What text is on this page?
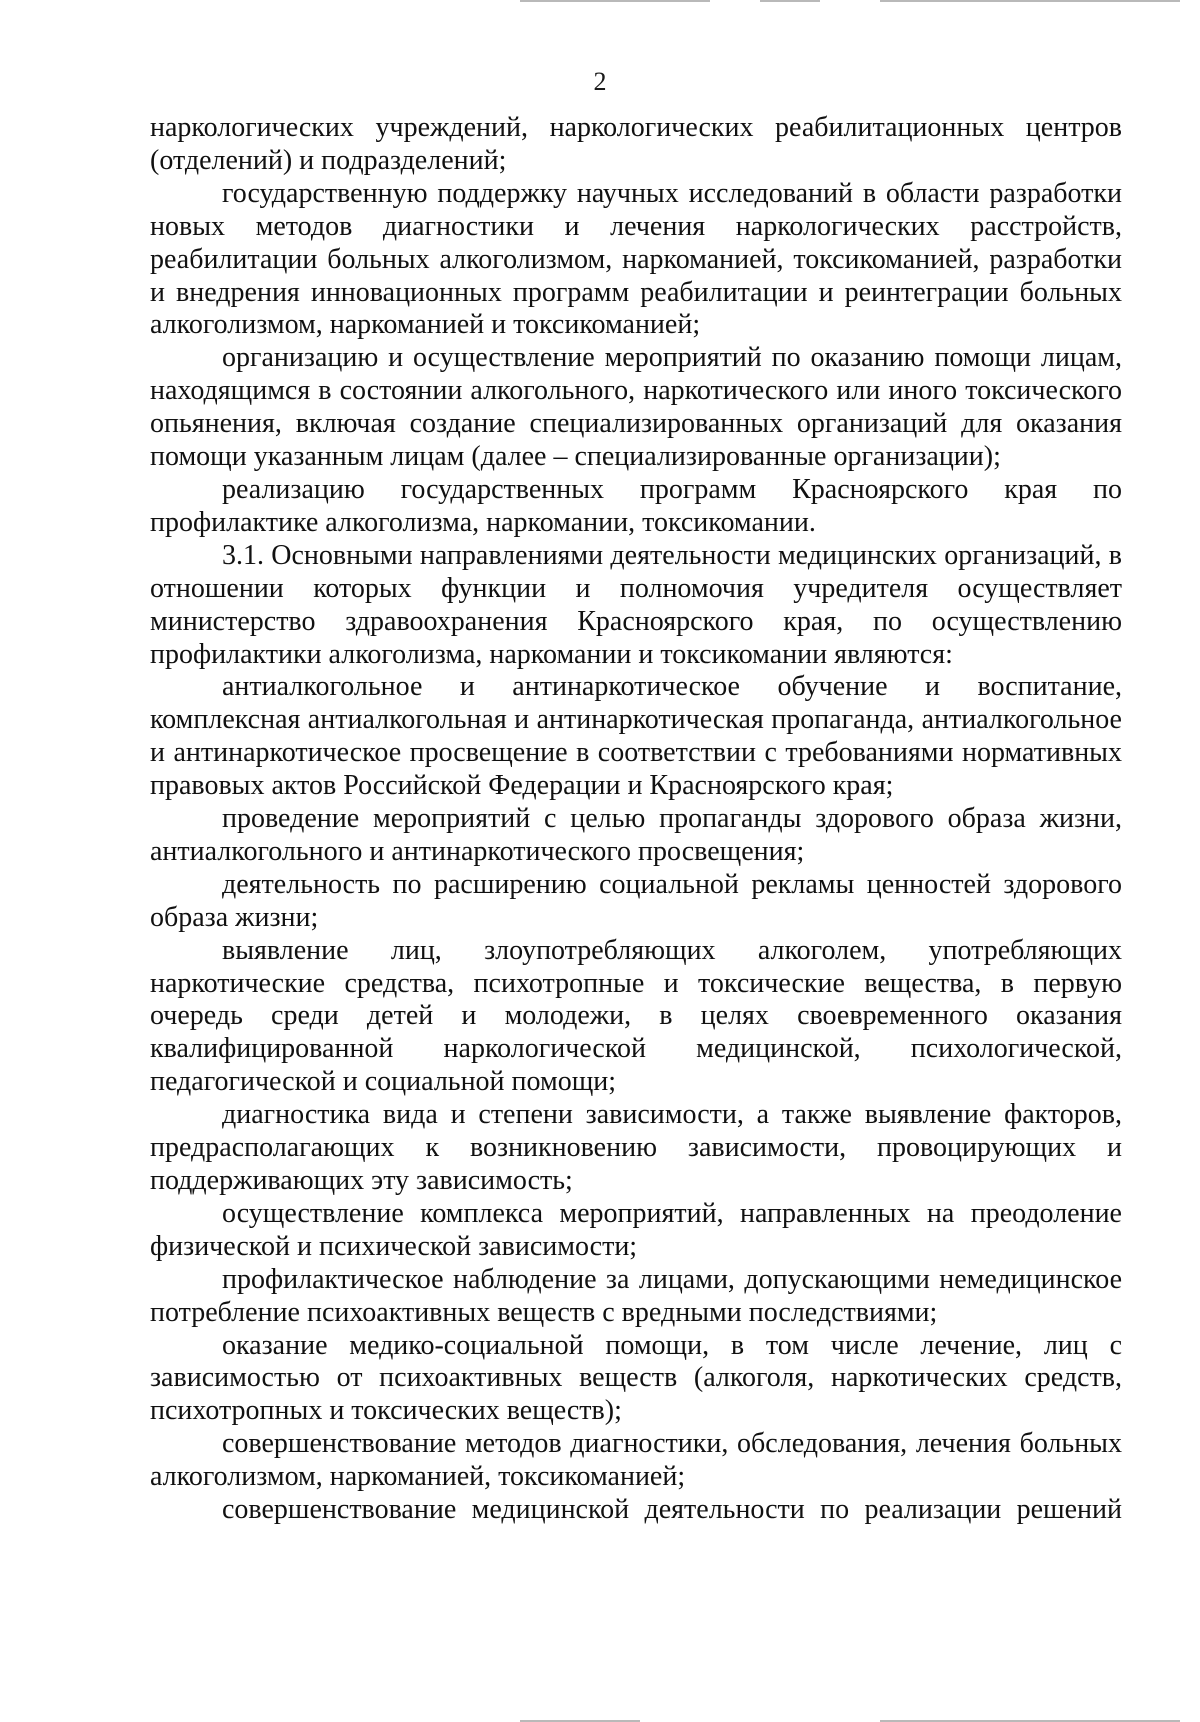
2

наркологических учреждений, наркологических реабилитационных центров (отделений) и подразделений;

государственную поддержку научных исследований в области разработки новых методов диагностики и лечения наркологических расстройств, реабилитации больных алкоголизмом, наркоманией, токсикоманией, разработки и внедрения инновационных программ реабилитации и реинтеграции больных алкоголизмом, наркоманией и токсикоманией;

организацию и осуществление мероприятий по оказанию помощи лицам, находящимся в состоянии алкогольного, наркотического или иного токсического опьянения, включая создание специализированных организаций для оказания помощи указанным лицам (далее – специализированные организации);

реализацию государственных программ Красноярского края по профилактике алкоголизма, наркомании, токсикомании.

3.1. Основными направлениями деятельности медицинских организаций, в отношении которых функции и полномочия учредителя осуществляет министерство здравоохранения Красноярского края, по осуществлению профилактики алкоголизма, наркомании и токсикомании являются:

антиалкогольное и антинаркотическое обучение и воспитание, комплексная антиалкогольная и антинаркотическая пропаганда, антиалкогольное и антинаркотическое просвещение в соответствии с требованиями нормативных правовых актов Российской Федерации и Красноярского края;

проведение мероприятий с целью пропаганды здорового образа жизни, антиалкогольного и антинаркотического просвещения;

деятельность по расширению социальной рекламы ценностей здорового образа жизни;

выявление лиц, злоупотребляющих алкоголем, употребляющих наркотические средства, психотропные и токсические вещества, в первую очередь среди детей и молодежи, в целях своевременного оказания квалифицированной наркологической медицинской, психологической, педагогической и социальной помощи;

диагностика вида и степени зависимости, а также выявление факторов, предрасполагающих к возникновению зависимости, провоцирующих и поддерживающих эту зависимость;

осуществление комплекса мероприятий, направленных на преодоление физической и психической зависимости;

профилактическое наблюдение за лицами, допускающими немедицинское потребление психоактивных веществ с вредными последствиями;

оказание медико-социальной помощи, в том числе лечение, лиц с зависимостью от психоактивных веществ (алкоголя, наркотических средств, психотропных и токсических веществ);

совершенствование методов диагностики, обследования, лечения больных алкоголизмом, наркоманией, токсикоманией;

совершенствование медицинской деятельности по реализации решений
